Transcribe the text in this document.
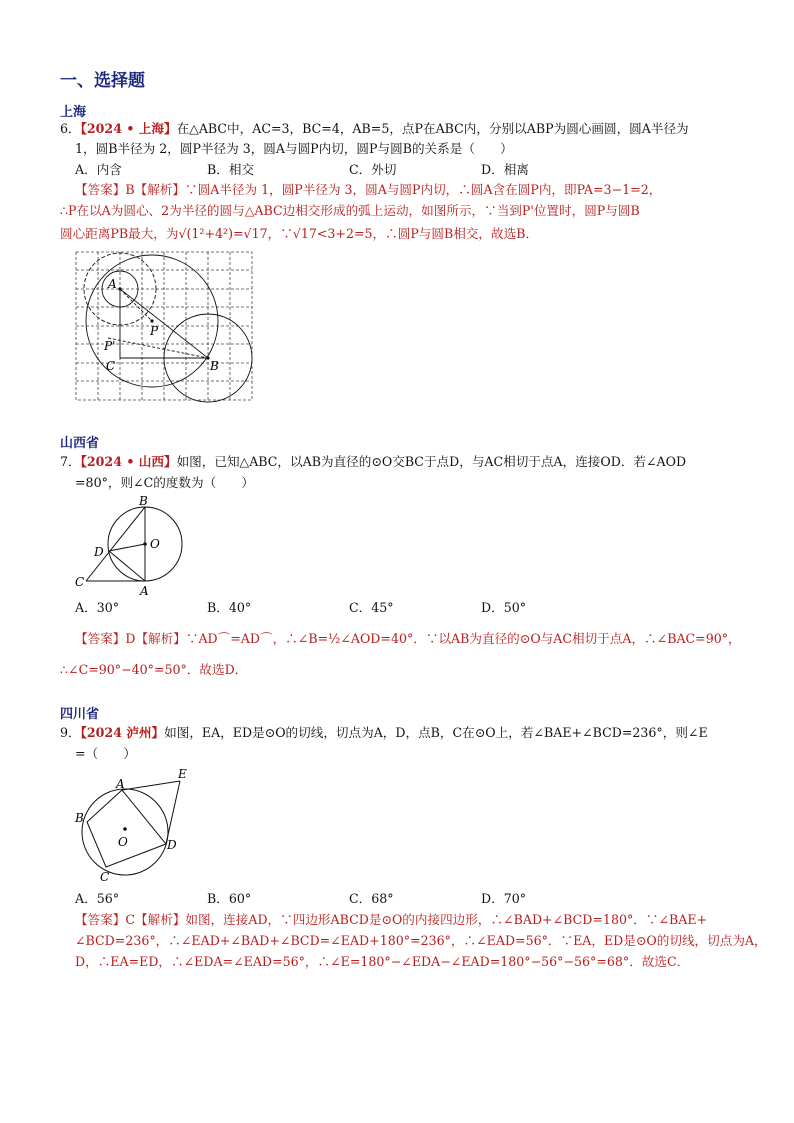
一、选择题
上海
6．【2024 • 上海】在△ABC中，AC=3，BC=4，AB=5，点P在ABC内，分别以ABP为圆心画圆，圆A半径为
1，圆B半径为 2，圆P半径为 3，圆A与圆P内切，圆P与圆B的关系是（　　）
A．内含	B．相交	C．外切	D．相离
【答案】B【解析】∵圆A半径为 1，圆P半径为 3，圆A与圆P内切，∴圆A含在圆P内，即PA=3−1=2，
∴P在以A为圆心、2为半径的圆与△ABC边相交形成的弧上运动，如图所示，∵当到P'位置时，圆P与圆B
圆心距离PB最大，为√(1²+4²)=√17，∵√17<3+2=5，∴圆P与圆B相交，故选B．
A
P
P'
C	B
山西省
7．【2024 • 山西】如图，已知△ABC，以AB为直径的⊙O交BC于点D，与AC相切于点A，连接OD．若∠AOD
=80°，则∠C的度数为（　　）
B
D
O
C
A
A．30°	B．40°	C．45°	D．50°
【答案】D【解析】∵AD⌒=AD⌒，∴∠B=½∠AOD=40°．∵以AB为直径的⊙O与AC相切于点A，∴∠BAC=90°，
∴∠C=90°−40°=50°．故选D．
四川省
9．【2024 泸州】如图，EA，ED是⊙O的切线，切点为A，D，点B，C在⊙O上，若∠BAE+∠BCD=236°，则∠E
=（　　）
A
E
B
O	D
C
A．56°	B．60°	C．68°	D．70°
【答案】C【解析】如图，连接AD，∵四边形ABCD是⊙O的内接四边形，∴∠BAD+∠BCD=180°．∵∠BAE+
∠BCD=236°，∴∠EAD+∠BAD+∠BCD=∠EAD+180°=236°，∴∠EAD=56°．∵EA，ED是⊙O的切线，切点为A，
D，∴EA=ED，∴∠EDA=∠EAD=56°，∴∠E=180°−∠EDA−∠EAD=180°−56°−56°=68°．故选C．
